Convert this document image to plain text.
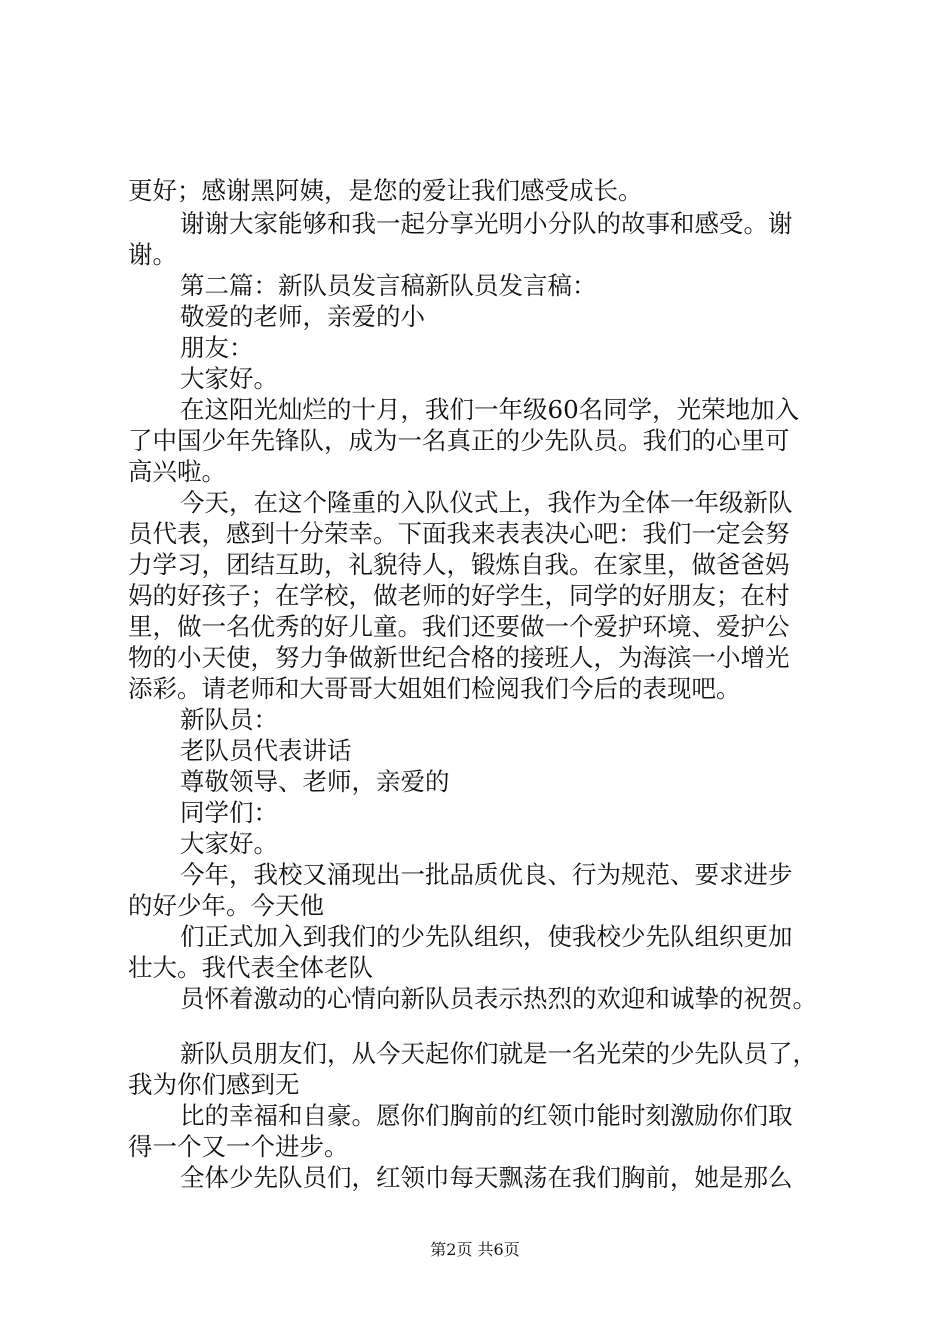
更好；感谢黑阿姨，是您的爱让我们感受成长。
谢谢大家能够和我一起分享光明小分队的故事和感受。谢
谢。
第二篇：新队员发言稿新队员发言稿：
敬爱的老师，亲爱的小
朋友：
大家好。
在这阳光灿烂的十月，我们一年级60名同学，光荣地加入
了中国少年先锋队，成为一名真正的少先队员。我们的心里可
高兴啦。
今天，在这个隆重的入队仪式上，我作为全体一年级新队
员代表，感到十分荣幸。下面我来表表决心吧：我们一定会努
力学习，团结互助，礼貌待人，锻炼自我。在家里，做爸爸妈
妈的好孩子；在学校，做老师的好学生，同学的好朋友；在村
里，做一名优秀的好儿童。我们还要做一个爱护环境、爱护公
物的小天使，努力争做新世纪合格的接班人，为海滨一小增光
添彩。请老师和大哥哥大姐姐们检阅我们今后的表现吧。
新队员：
老队员代表讲话
尊敬领导、老师，亲爱的
同学们：
大家好。
今年，我校又涌现出一批品质优良、行为规范、要求进步
的好少年。今天他
们正式加入到我们的少先队组织，使我校少先队组织更加
壮大。我代表全体老队
员怀着激动的心情向新队员表示热烈的欢迎和诚挚的祝贺。
新队员朋友们，从今天起你们就是一名光荣的少先队员了，
我为你们感到无
比的幸福和自豪。愿你们胸前的红领巾能时刻激励你们取
得一个又一个进步。
全体少先队员们，红领巾每天飘荡在我们胸前，她是那么
第2页 共6页
